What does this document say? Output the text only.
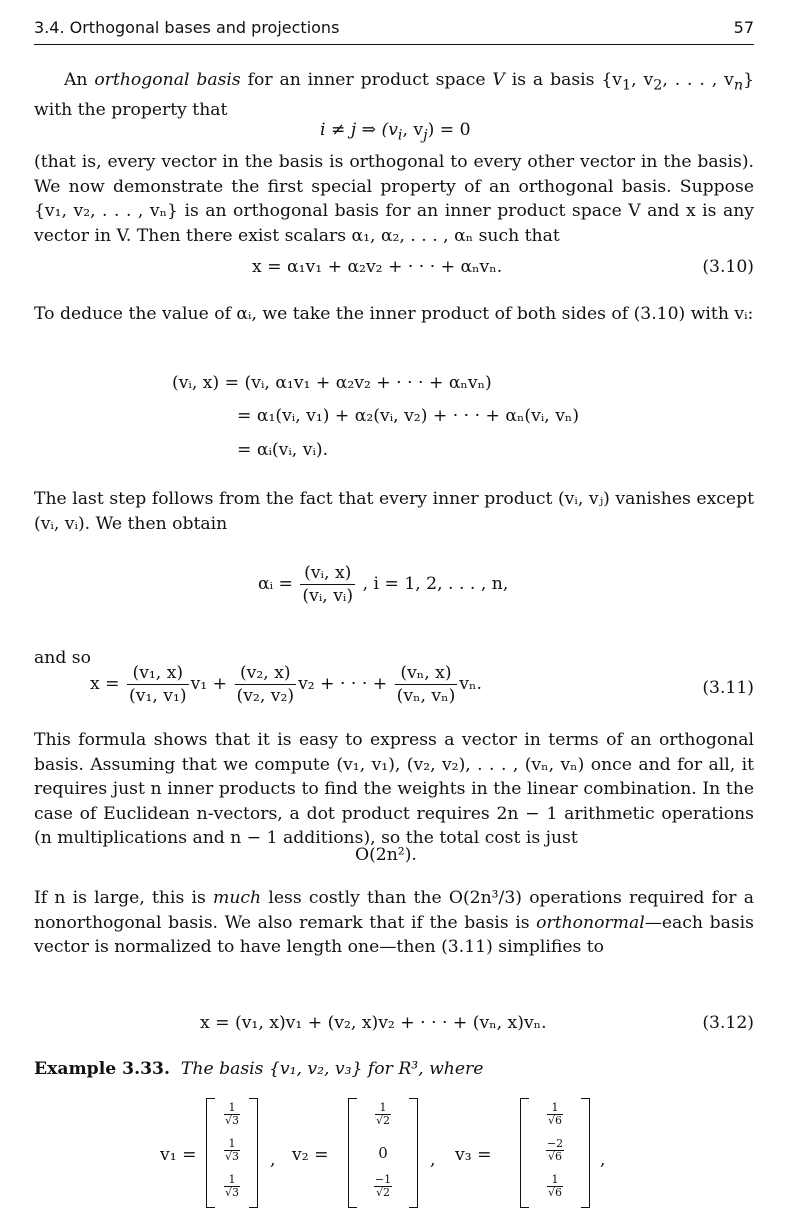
3.4. Orthogonal bases and projections	57

An orthogonal basis for an inner product space V is a basis {$v_1$, $v_2$, . . . , $v_n$} with the property that

i ≠ j ⇒ ($v_i$, $v_j) = 0$

(that is, every vector in the basis is orthogonal to every other vector in the basis). We now demonstrate the first special property of an orthogonal basis. Suppose {v₁, v₂, . . . , vₙ} is an orthogonal basis for an inner product space V and x is any vector in V. Then there exist scalars α₁, α₂, . . . , αₙ such that

x = α₁v₁ + α₂v₂ + · · · + αₙvₙ.	(3.10)

To deduce the value of αᵢ, we take the inner product of both sides of (3.10) with vᵢ:

(vᵢ, x) = (vᵢ, α₁v₁ + α₂v₂ + · · · + αₙvₙ)
= α₁(vᵢ, v₁) + α₂(vᵢ, v₂) + · · · + αₙ(vᵢ, vₙ)
= αᵢ(vᵢ, vᵢ).

The last step follows from the fact that every inner product (vᵢ, vⱼ) vanishes except (vᵢ, vᵢ). We then obtain

αᵢ = $\frac{\text{(vᵢ, x)}}{\text{(vᵢ, vᵢ)}}$ , i = 1, 2, . . . , n,
and so
$x = \frac{\text{(v₁, x)}}{\text{(v₁, v₁)}} v_1 + \frac{\text{(v₂, x)}}{\text{(v₂, v₂)}} v_2$ + · · · + $\frac{\text{(vₙ, x)}}{\text{(vₙ, vₙ)}} v_n$.	(3.11)

This formula shows that it is easy to express a vector in terms of an orthogonal basis. Assuming that we compute (v₁, v₁), (v₂, v₂), . . . , (vₙ, vₙ) once and for all, it requires just n inner products to find the weights in the linear combination. In the case of Euclidean n-vectors, a dot product requires 2n − 1 arithmetic operations (n multiplications and n − 1 additions), so the total cost is just

O(2n²).

If n is large, this is much less costly than the O(2n³/3) operations required for a nonorthogonal basis. We also remark that if the basis is orthonormal—each basis vector is normalized to have length one—then (3.11) simplifies to

x = (v₁, x)v₁ + (v₂, x)v₂ + · · · + (vₙ, x)vₙ.	(3.12)
Example 3.33. The basis {v₁, v₂, v₃} for R³, where
v₁ =
$\frac{1}{√3}$
$\frac{1}{√3}$
$\frac{1}{√3}$
, v₂ =
$\frac{1}{√2}$
0
$\frac{-1}{√2}$
, v₃ =
$\frac{1}{√6}$
$\frac{-2}{√6}$
$\frac{1}{√6}$
,
